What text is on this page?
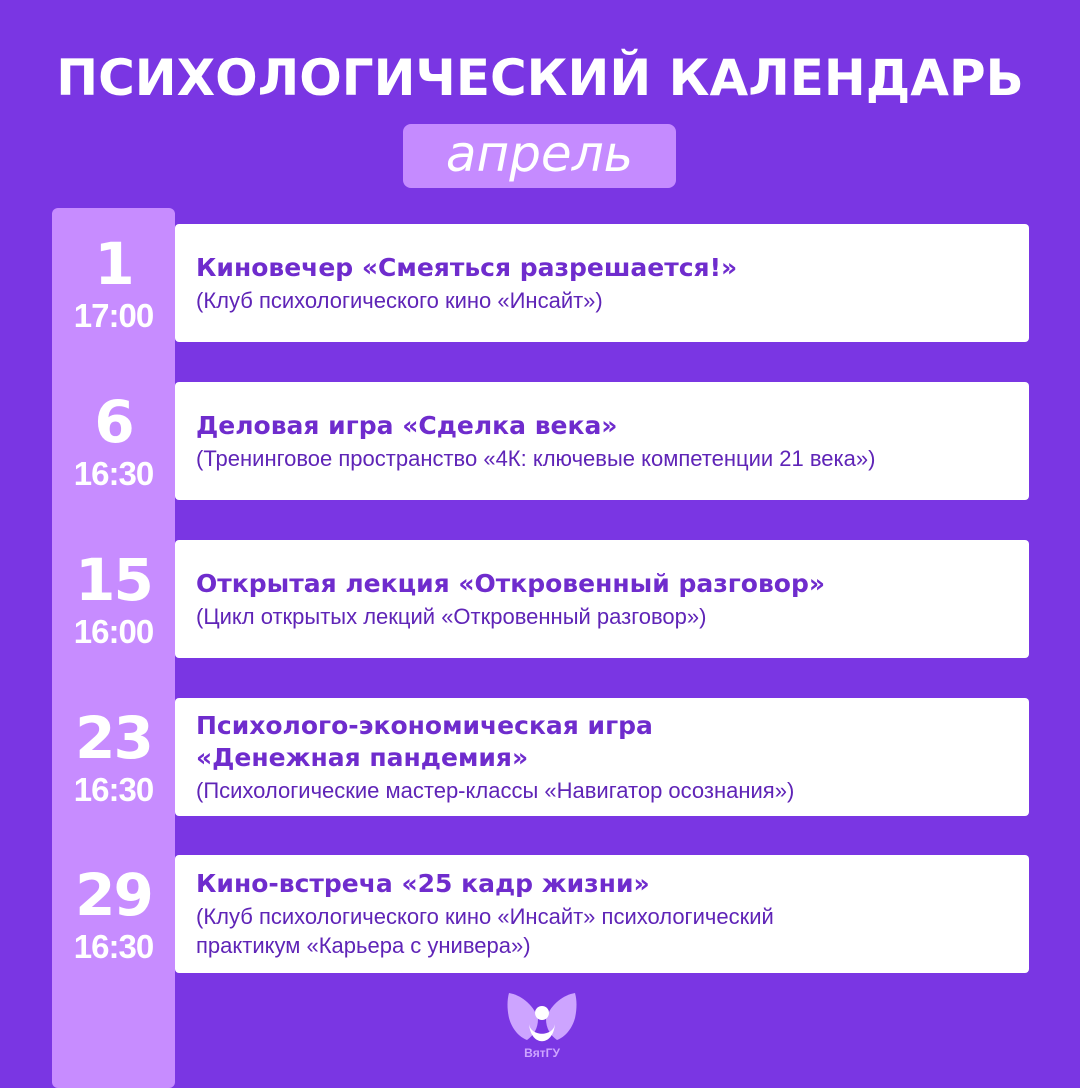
ПСИХОЛОГИЧЕСКИЙ КАЛЕНДАРЬ
апрель
1
17:00
Киновечер «Смеяться разрешается!»
(Клуб психологического кино «Инсайт»)
6
16:30
Деловая игра «Сделка века»
(Тренинговое пространство «4К: ключевые компетенции 21 века»)
15
16:00
Открытая лекция «Откровенный разговор»
(Цикл открытых лекций «Откровенный разговор»)
23
16:30
Психолого-экономическая игра «Денежная пандемия»
(Психологические мастер-классы «Навигатор осознания»)
29
16:30
Кино-встреча «25 кадр жизни»
(Клуб психологического кино «Инсайт» психологический практикум «Карьера с универа»)
ВятГУ
